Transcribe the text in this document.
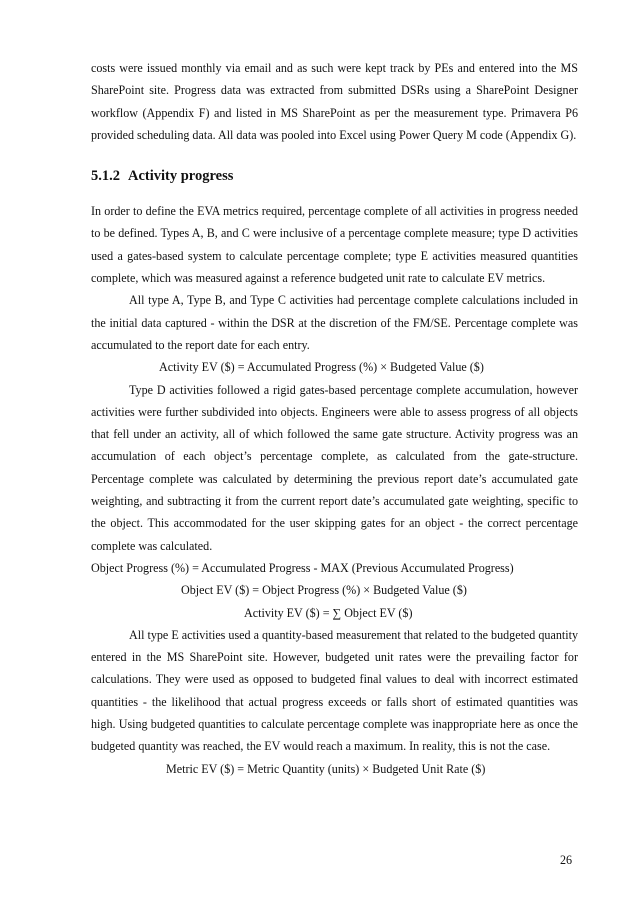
costs were issued monthly via email and as such were kept track by PEs and entered into the MS SharePoint site. Progress data was extracted from submitted DSRs using a SharePoint Designer workflow (Appendix F) and listed in MS SharePoint as per the measurement type. Primavera P6 provided scheduling data. All data was pooled into Excel using Power Query M code (Appendix G).

5.1.2 Activity progress

In order to define the EVA metrics required, percentage complete of all activities in progress needed to be defined. Types A, B, and C were inclusive of a percentage complete measure; type D activities used a gates-based system to calculate percentage complete; type E activities measured quantities complete, which was measured against a reference budgeted unit rate to calculate EV metrics.

All type A, Type B, and Type C activities had percentage complete calculations included in the initial data captured - within the DSR at the discretion of the FM/SE. Percentage complete was accumulated to the report date for each entry.

Activity EV ($) = Accumulated Progress (%) × Budgeted Value ($)

Type D activities followed a rigid gates-based percentage complete accumulation, however activities were further subdivided into objects. Engineers were able to assess progress of all objects that fell under an activity, all of which followed the same gate structure. Activity progress was an accumulation of each object’s percentage complete, as calculated from the gate-structure. Percentage complete was calculated by determining the previous report date’s accumulated gate weighting, and subtracting it from the current report date’s accumulated gate weighting, specific to the object. This accommodated for the user skipping gates for an object - the correct percentage complete was calculated.

Object Progress (%) = Accumulated Progress - MAX (Previous Accumulated Progress)
Object EV ($) = Object Progress (%) × Budgeted Value ($)
Activity EV ($) = ∑ Object EV ($)

All type E activities used a quantity-based measurement that related to the budgeted quantity entered in the MS SharePoint site. However, budgeted unit rates were the prevailing factor for calculations. They were used as opposed to budgeted final values to deal with incorrect estimated quantities - the likelihood that actual progress exceeds or falls short of estimated quantities was high. Using budgeted quantities to calculate percentage complete was inappropriate here as once the budgeted quantity was reached, the EV would reach a maximum. In reality, this is not the case.

Metric EV ($) = Metric Quantity (units) × Budgeted Unit Rate ($)
26
